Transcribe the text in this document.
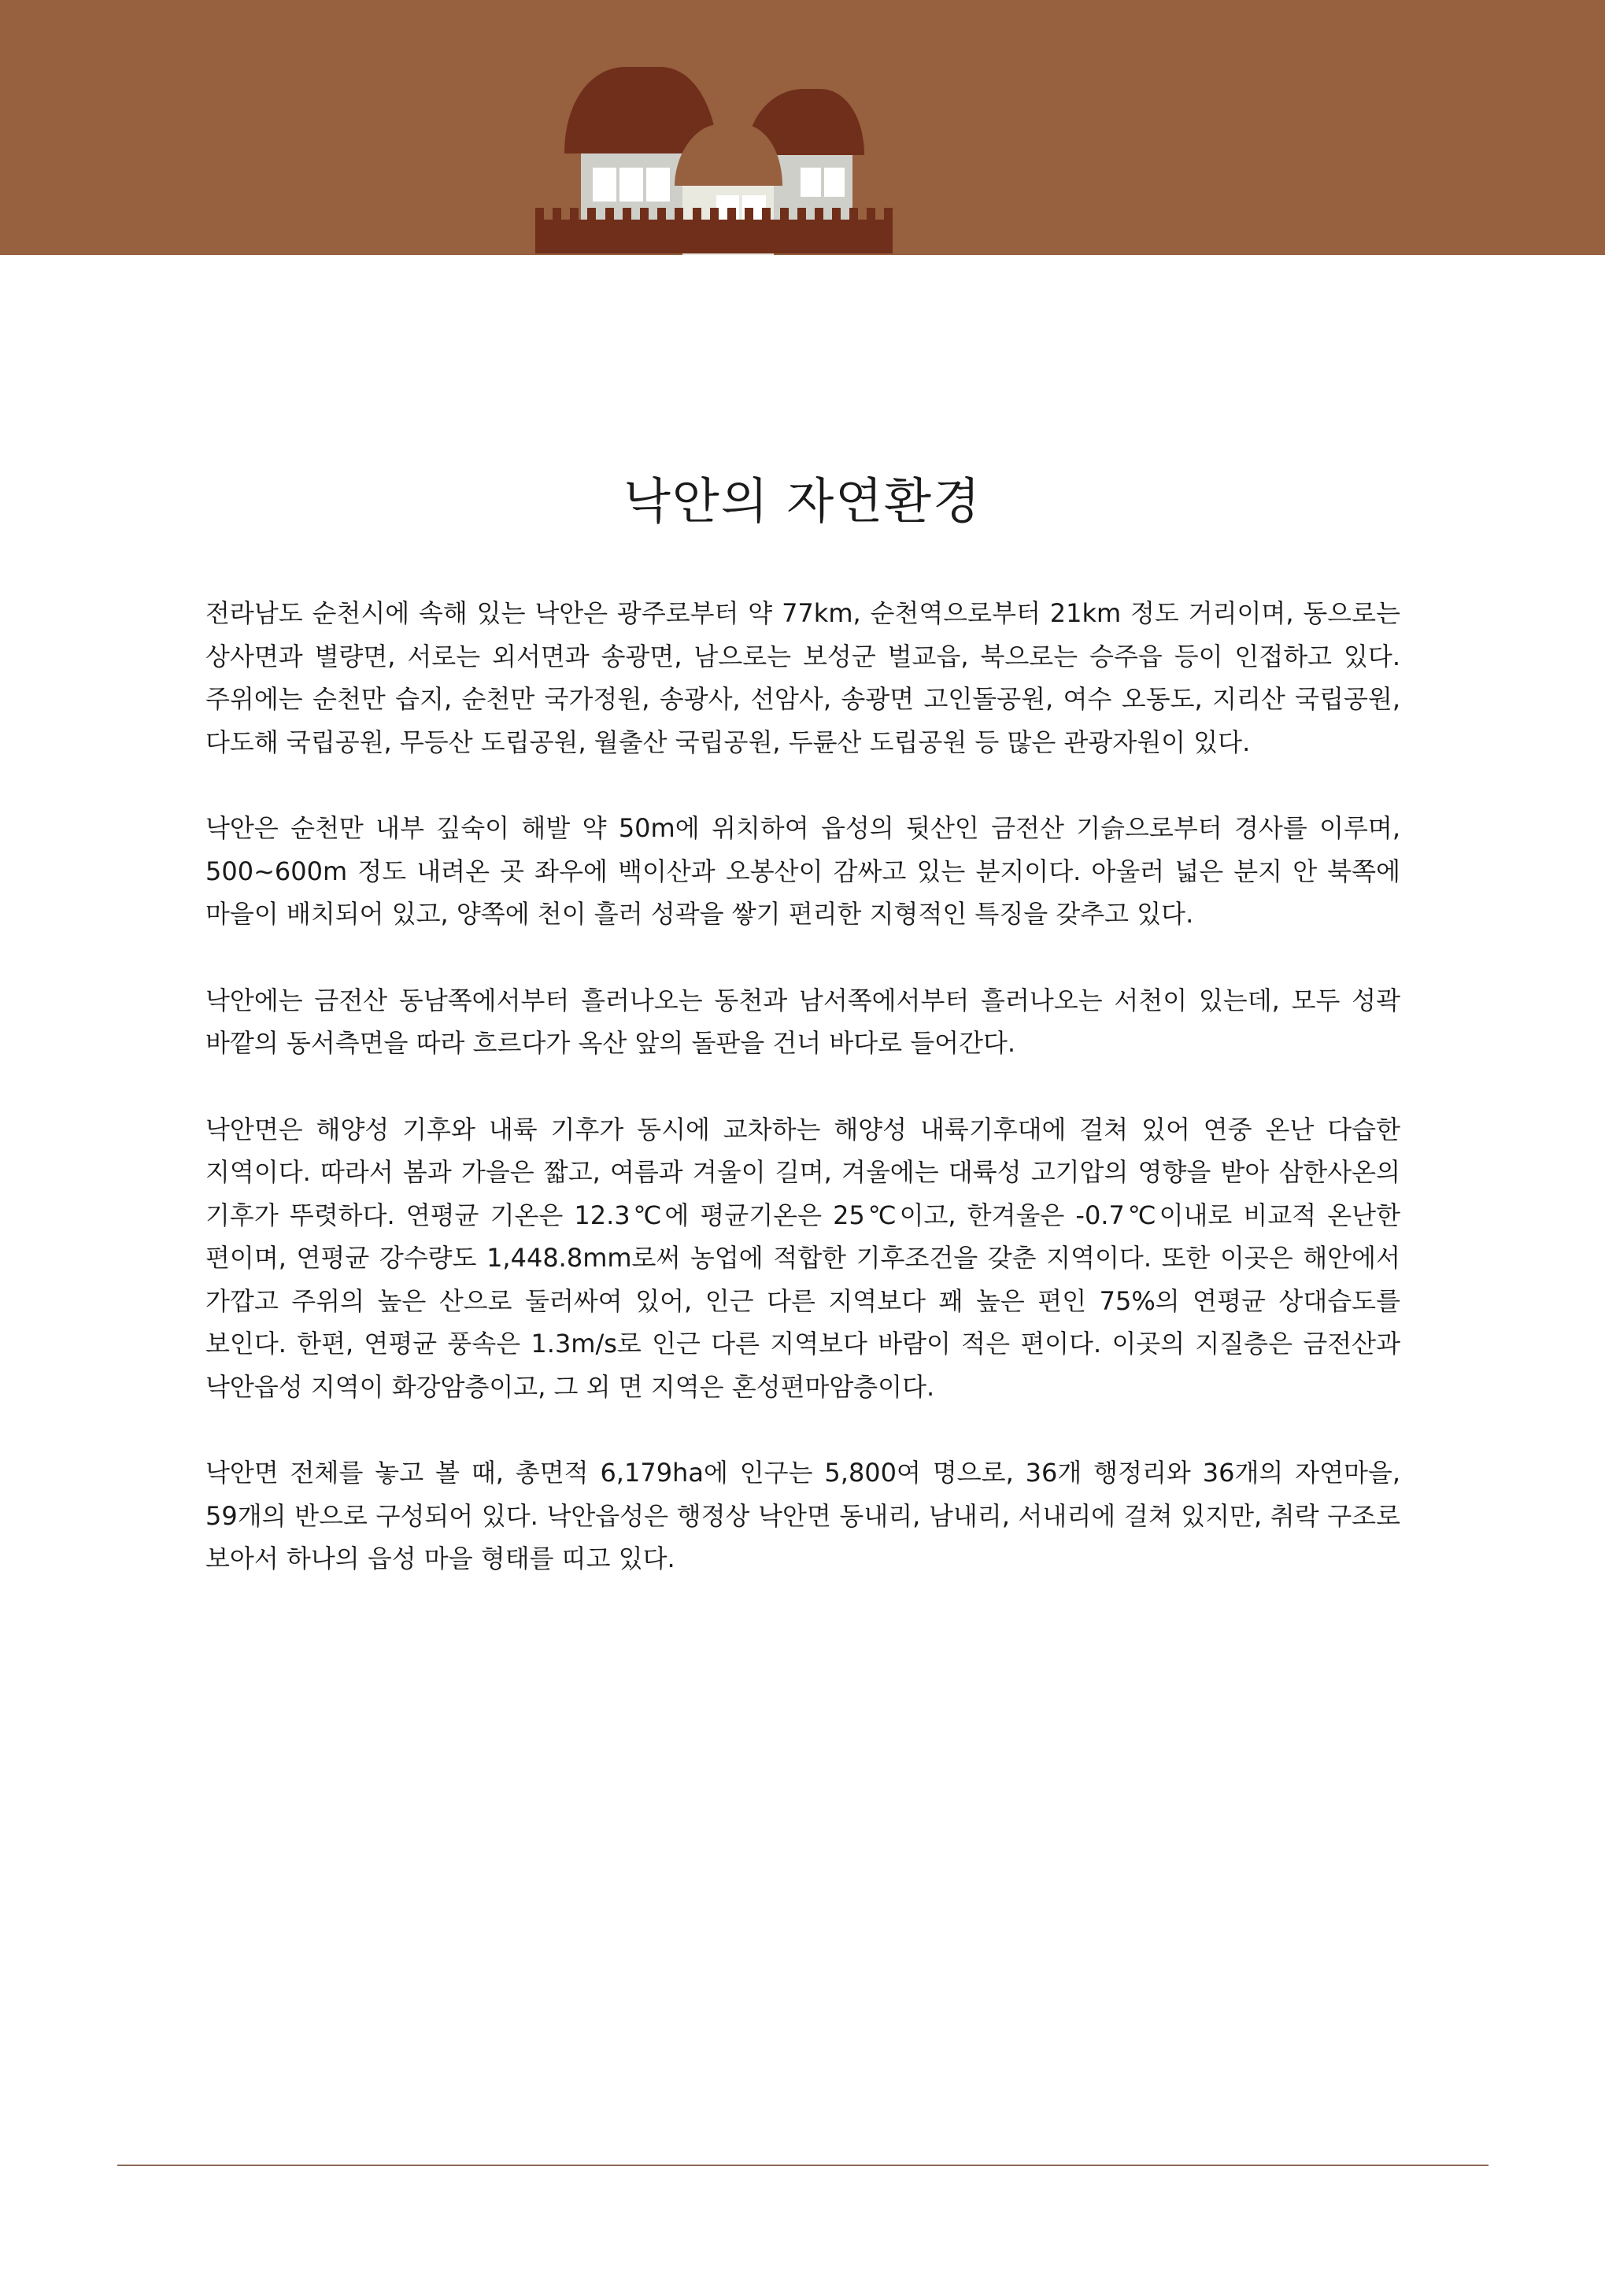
낙안의 자연환경

전라남도 순천시에 속해 있는 낙안은 광주로부터 약 77km, 순천역으로부터 21km 정도 거리이며, 동으로는 상사면과 별량면, 서로는 외서면과 송광면, 남으로는 보성군 벌교읍, 북으로는 승주읍 등이 인접하고 있다. 주위에는 순천만 습지, 순천만 국가정원, 송광사, 선암사, 송광면 고인돌공원, 여수 오동도, 지리산 국립공원, 다도해 국립공원, 무등산 도립공원, 월출산 국립공원, 두륜산 도립공원 등 많은 관광자원이 있다.

낙안은 순천만 내부 깊숙이 해발 약 50m에 위치하여 읍성의 뒷산인 금전산 기슭으로부터 경사를 이루며, 500~600m 정도 내려온 곳 좌우에 백이산과 오봉산이 감싸고 있는 분지이다. 아울러 넓은 분지 안 북쪽에 마을이 배치되어 있고, 양쪽에 천이 흘러 성곽을 쌓기 편리한 지형적인 특징을 갖추고 있다.

낙안에는 금전산 동남쪽에서부터 흘러나오는 동천과 남서쪽에서부터 흘러나오는 서천이 있는데, 모두 성곽 바깥의 동서측면을 따라 흐르다가 옥산 앞의 돌판을 건너 바다로 들어간다.

낙안면은 해양성 기후와 내륙 기후가 동시에 교차하는 해양성 내륙기후대에 걸쳐 있어 연중 온난 다습한 지역이다. 따라서 봄과 가을은 짧고, 여름과 겨울이 길며, 겨울에는 대륙성 고기압의 영향을 받아 삼한사온의 기후가 뚜렷하다. 연평균 기온은 12.3℃에 평균기온은 25℃이고, 한겨울은 -0.7℃이내로 비교적 온난한 편이며, 연평균 강수량도 1,448.8mm로써 농업에 적합한 기후조건을 갖춘 지역이다. 또한 이곳은 해안에서 가깝고 주위의 높은 산으로 둘러싸여 있어, 인근 다른 지역보다 꽤 높은 편인 75%의 연평균 상대습도를 보인다. 한편, 연평균 풍속은 1.3m/s로 인근 다른 지역보다 바람이 적은 편이다. 이곳의 지질층은 금전산과 낙안읍성 지역이 화강암층이고, 그 외 면 지역은 혼성편마암층이다.

낙안면 전체를 놓고 볼 때, 총면적 6,179ha에 인구는 5,800여 명으로, 36개 행정리와 36개의 자연마을, 59개의 반으로 구성되어 있다. 낙안읍성은 행정상 낙안면 동내리, 남내리, 서내리에 걸쳐 있지만, 취락 구조로 보아서 하나의 읍성 마을 형태를 띠고 있다.
